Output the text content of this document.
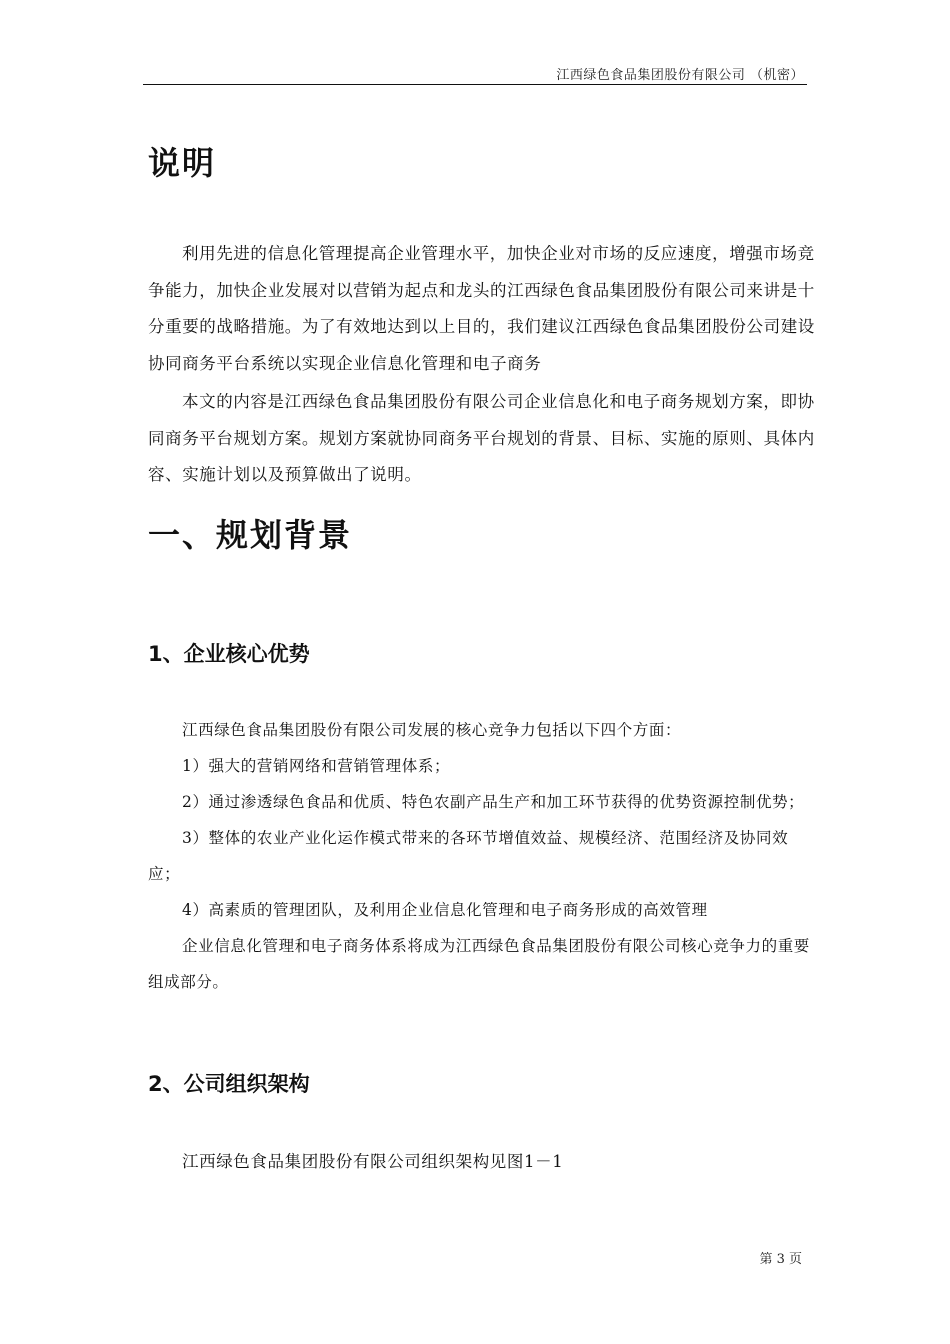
江西绿色食品集团股份有限公司 （机密）
说明

利用先进的信息化管理提高企业管理水平，加快企业对市场的反应速度，增强市场竞争能力，加快企业发展对以营销为起点和龙头的江西绿色食品集团股份有限公司来讲是十分重要的战略措施。为了有效地达到以上目的，我们建议江西绿色食品集团股份公司建设协同商务平台系统以实现企业信息化管理和电子商务

本文的内容是江西绿色食品集团股份有限公司企业信息化和电子商务规划方案，即协同商务平台规划方案。规划方案就协同商务平台规划的背景、目标、实施的原则、具体内容、实施计划以及预算做出了说明。

一、规划背景
1、企业核心优势
江西绿色食品集团股份有限公司发展的核心竞争力包括以下四个方面：
1）强大的营销网络和营销管理体系；
2）通过渗透绿色食品和优质、特色农副产品生产和加工环节获得的优势资源控制优势；
3）整体的农业产业化运作模式带来的各环节增值效益、规模经济、范围经济及协同效应；
4）高素质的管理团队，及利用企业信息化管理和电子商务形成的高效管理
企业信息化管理和电子商务体系将成为江西绿色食品集团股份有限公司核心竞争力的重要组成部分。
2、公司组织架构

江西绿色食品集团股份有限公司组织架构见图1－1

第 3 页
